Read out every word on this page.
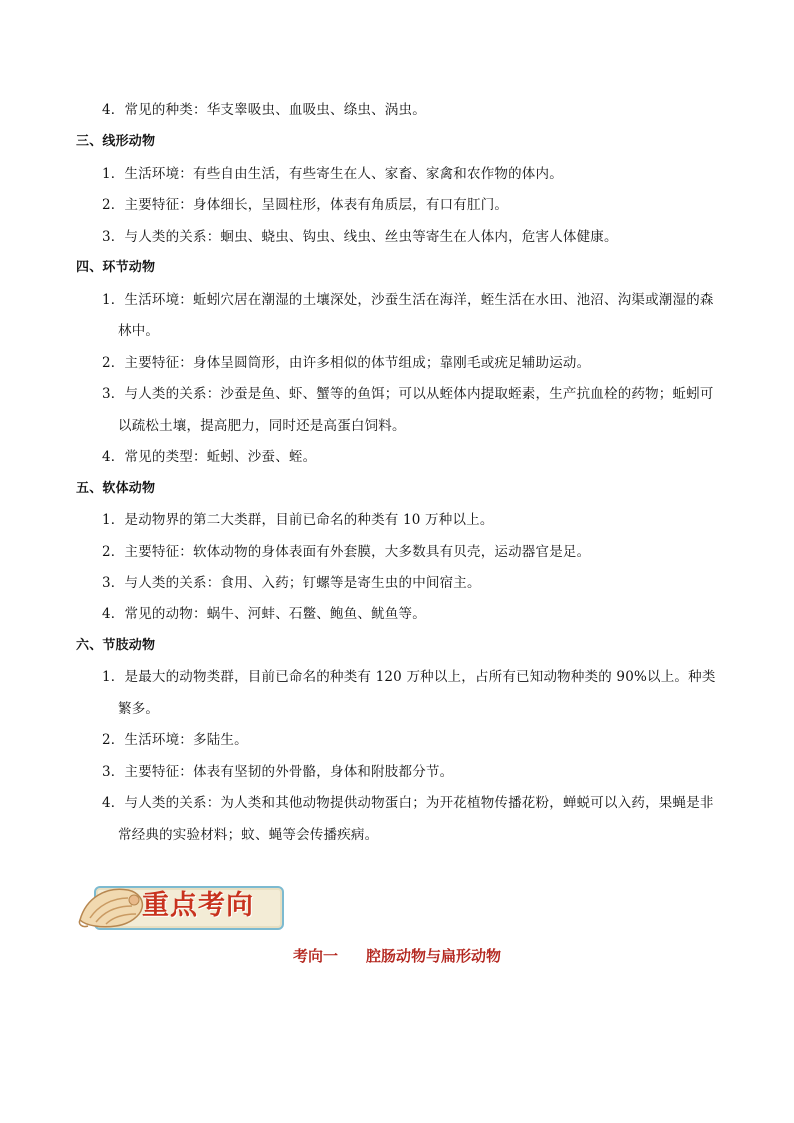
4．常见的种类：华支睾吸虫、血吸虫、绦虫、涡虫。
三、线形动物
1．生活环境：有些自由生活，有些寄生在人、家畜、家禽和农作物的体内。
2．主要特征：身体细长，呈圆柱形，体表有角质层，有口有肛门。
3．与人类的关系：蛔虫、蛲虫、钩虫、线虫、丝虫等寄生在人体内，危害人体健康。
四、环节动物
1．生活环境：蚯蚓穴居在潮湿的土壤深处，沙蚕生活在海洋，蛭生活在水田、池沼、沟渠或潮湿的森
林中。
2．主要特征：身体呈圆筒形，由许多相似的体节组成；靠刚毛或疣足辅助运动。
3．与人类的关系：沙蚕是鱼、虾、蟹等的鱼饵；可以从蛭体内提取蛭素，生产抗血栓的药物；蚯蚓可
以疏松土壤，提高肥力，同时还是高蛋白饲料。
4．常见的类型：蚯蚓、沙蚕、蛭。
五、软体动物
1．是动物界的第二大类群，目前已命名的种类有 10 万种以上。
2．主要特征：软体动物的身体表面有外套膜，大多数具有贝壳，运动器官是足。
3．与人类的关系：食用、入药；钉螺等是寄生虫的中间宿主。
4．常见的动物：蜗牛、河蚌、石鳖、鲍鱼、鱿鱼等。
六、节肢动物
1．是最大的动物类群，目前已命名的种类有 120 万种以上，占所有已知动物种类的 90%以上。种类
繁多。
2．生活环境：多陆生。
3．主要特征：体表有坚韧的外骨骼，身体和附肢都分节。
4．与人类的关系：为人类和其他动物提供动物蛋白；为开花植物传播花粉，蝉蜕可以入药，果蝇是非
常经典的实验材料；蚊、蝇等会传播疾病。
重点考向
考向一 腔肠动物与扁形动物
